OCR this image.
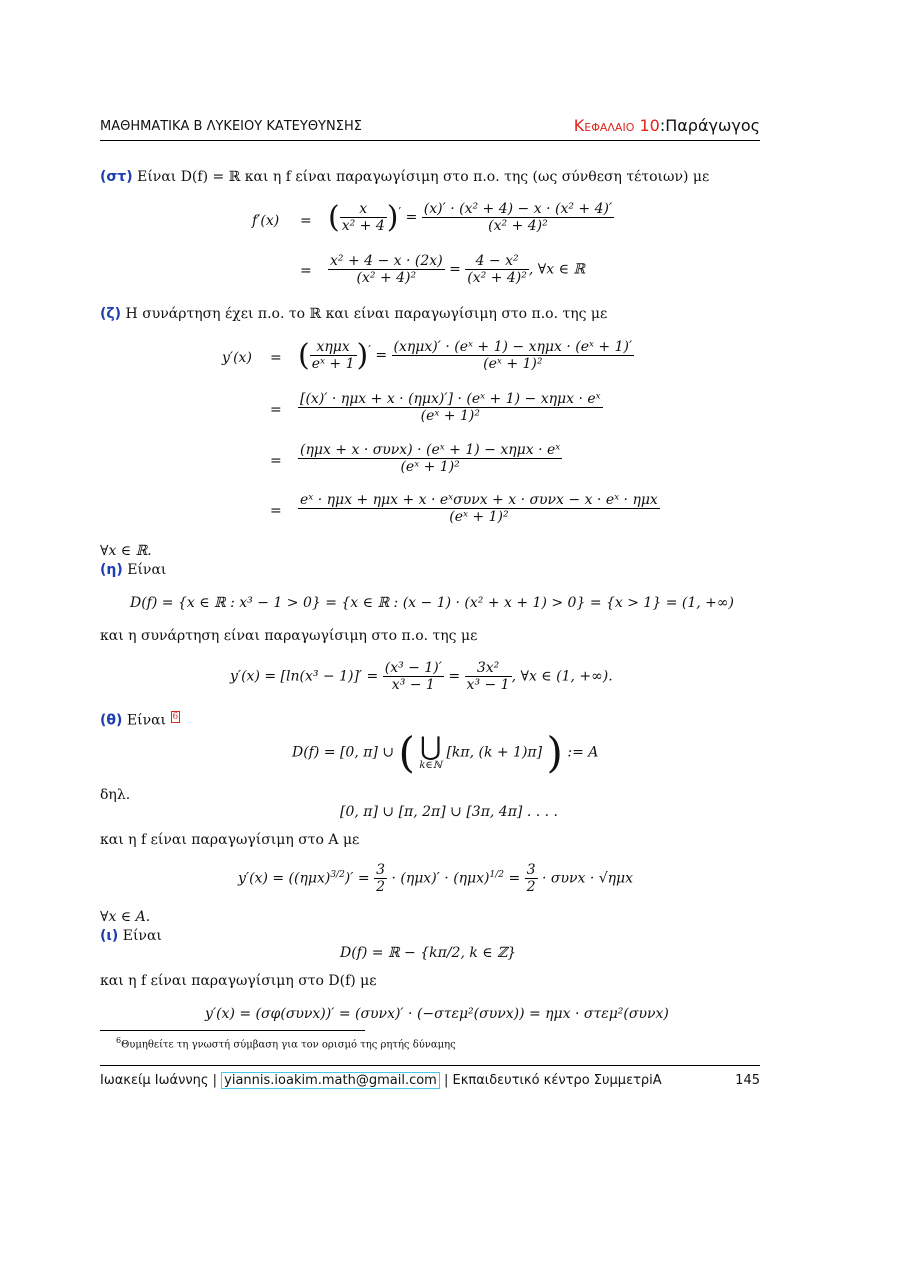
ΜΑΘΗΜΑΤΙΚΑ Β ΛΥΚΕΙΟΥ ΚΑΤΕΥΘΥΝΣΗΣ	Κεφαλαιο 10:Παράγωγος
(στ) Είναι D(f) = ℝ και η f είναι παραγωγίσιμη στο π.ο. της (ως σύνθεση τέτοιων) με
f′(x) = ( $\frac{x}{\text{x² + 4}} )' = \frac{\text{(x)′ · (x² + 4) − x · (x² + 4)′}}{\text{(x² + 4)²}}$
= $\frac{\text{x² + 4 − x · (2x)}}{\text{(x² + 4)²}} = \frac{\text{4 − x²}}{\text{(x² + 4)²}}$ , ∀x ∈ ℝ
(ζ) Η συνάρτηση έχει π.ο. το ℝ και είναι παραγωγίσιμη στο π.ο. της με
y′(x) = ( $\frac{\text{xημx}}{\text{eˣ + 1}} )' = \frac{\text{(xημx)′ · (eˣ + 1) − xημx · (eˣ + 1)′}}{\text{(eˣ + 1)²}}$
= $\frac{\text{[(x)′ · ημx + x · (ημx)′] · (eˣ + 1) − xημx · eˣ}}{\text{(eˣ + 1)²}}$
= $\frac{\text{(ημx + x · συνx) · (eˣ + 1) − xημx · eˣ}}{\text{(eˣ + 1)²}}$
= $\frac{\text{eˣ · ημx + ημx + x · eˣσυνx + x · συνx − x · eˣ · ημx}}{\text{(eˣ + 1)²}}$
∀x ∈ ℝ.
(η) Είναι
D(f) = {x ∈ ℝ : x³ − 1 > 0} = {x ∈ ℝ : (x − 1) · (x² + x + 1) > 0} = {x > 1} = (1, +∞)
και η συνάρτηση είναι παραγωγίσιμη στο π.ο. της με
$y'(x) = [\ln(x^3 - 1)]' = \frac{\text{(x³ − 1)′}}{\text{x³ − 1}} = \frac{\text{3x²}}{\text{x³ − 1}}$ , ∀x ∈ (1, +∞).
(θ) Είναι $^6$
D(f) = [0, π] ∪ ( ⋃
k∈ℕ
[kπ, (k + 1)π] ) := A
δηλ.
[0, π] ∪ [π, 2π] ∪ [3π, 4π] . . . .
και η f είναι παραγωγίσιμη στο A με
$y'(x) = ((\eta\mu x)^{3/2})' = \frac{3}{2} \cdot (\eta\mu x)' \cdot (\eta\mu x)^{1/2} = \frac{3}{2} \cdot \sigma\upsilon\nu x \cdot √\eta\mu x$
∀x ∈ A.
(ι) Είναι
D(f) = ℝ − {kπ/2, k ∈ ℤ}
και η f είναι παραγωγίσιμη στο D(f) με
y′(x) = (σφ(συνx))′ = (συνx)′ · (−στεμ²(συνx)) = ημx · στεμ²(συνx)
$^6$Θυμηθείτε τη γνωστή σύμβαση για τον ορισμό της ρητής δύναμης
Ιωακείμ Ιωάννης | yiannis.ioakim.math@gmail.com | Εκπαιδευτικό κέντρο ΣυμμετρiA	145
